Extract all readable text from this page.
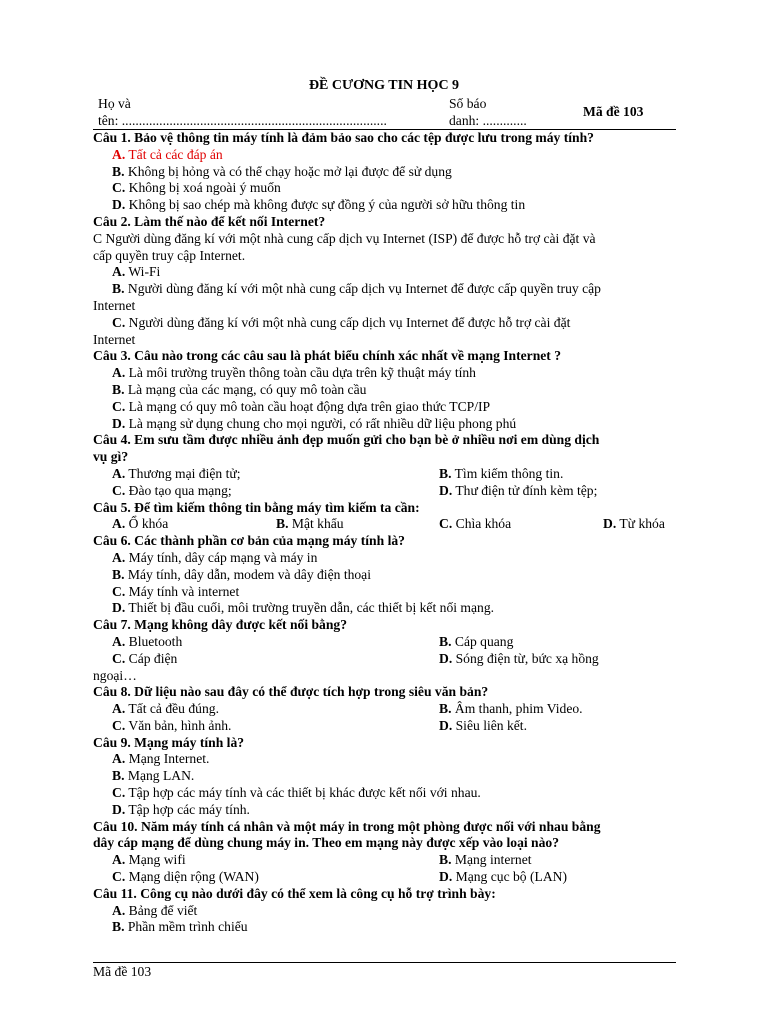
ĐỀ CƯƠNG TIN HỌC 9
Họ và
tên: ..............................................................................
Số báo
danh: .............
Mã đề 103
Câu 1. Bảo vệ thông tin máy tính là đảm bảo sao cho các tệp được lưu trong máy tính?
A. Tất cả các đáp án
B. Không bị hỏng và có thể chạy hoặc mở lại được để sử dụng
C. Không bị xoá ngoài ý muốn
D. Không bị sao chép mà không được sự đồng ý của người sở hữu thông tin
Câu 2. Làm thế nào để kết nối Internet?
C Người dùng đăng kí với một nhà cung cấp dịch vụ Internet (ISP) để được hỗ trợ cài đặt và
cấp quyền truy cập Internet.
A. Wi-Fi
B. Người dùng đăng kí với một nhà cung cấp dịch vụ Internet để được cấp quyền truy cập
Internet
C. Người dùng đăng kí với một nhà cung cấp dịch vụ Internet để được hỗ trợ cài đặt
Internet
Câu 3. Câu nào trong các câu sau là phát biểu chính xác nhất về mạng Internet ?
A. Là môi trường truyền thông toàn cầu dựa trên kỹ thuật máy tính
B. Là mạng của các mạng, có quy mô toàn cầu
C. Là mạng có quy mô toàn cầu hoạt động dựa trên giao thức TCP/IP
D. Là mạng sử dụng chung cho mọi người, có rất nhiều dữ liệu phong phú
Câu 4. Em sưu tầm được nhiều ảnh đẹp muốn gửi cho bạn bè ở nhiều nơi em dùng dịch
vụ gì?
A. Thương mại điện tử;	B. Tìm kiếm thông tin.
C. Đào tạo qua mạng;	D. Thư điện tử đính kèm tệp;
Câu 5. Để tìm kiếm thông tin bằng máy tìm kiếm ta cần:
A. Ổ khóa	B. Mật khẩu	C. Chìa khóa	D. Từ khóa
Câu 6. Các thành phần cơ bản của mạng máy tính là?
A. Máy tính, dây cáp mạng và máy in
B. Máy tính, dây dẫn, modem và dây điện thoại
C. Máy tính và internet
D. Thiết bị đầu cuối, môi trường truyền dẫn, các thiết bị kết nối mạng.
Câu 7. Mạng không dây được kết nối bằng?
A. Bluetooth	B. Cáp quang
C. Cáp điện	D. Sóng điện từ, bức xạ hồng
ngoại…
Câu 8. Dữ liệu nào sau đây có thể được tích hợp trong siêu văn bản?
A. Tất cả đều đúng.	B. Âm thanh, phim Video.
C. Văn bản, hình ảnh.	D. Siêu liên kết.
Câu 9. Mạng máy tính là?
A. Mạng Internet.
B. Mạng LAN.
C. Tập hợp các máy tính và các thiết bị khác được kết nối với nhau.
D. Tập hợp các máy tính.
Câu 10. Năm máy tính cá nhân và một máy in trong một phòng được nối với nhau bằng
dây cáp mạng để dùng chung máy in. Theo em mạng này được xếp vào loại nào?
A. Mạng wifi	B. Mạng internet
C. Mạng diện rộng (WAN)	D. Mạng cục bộ (LAN)
Câu 11. Công cụ nào dưới đây có thể xem là công cụ hỗ trợ trình bày:
A. Bảng để viết
B. Phần mềm trình chiếu
Mã đề 103
